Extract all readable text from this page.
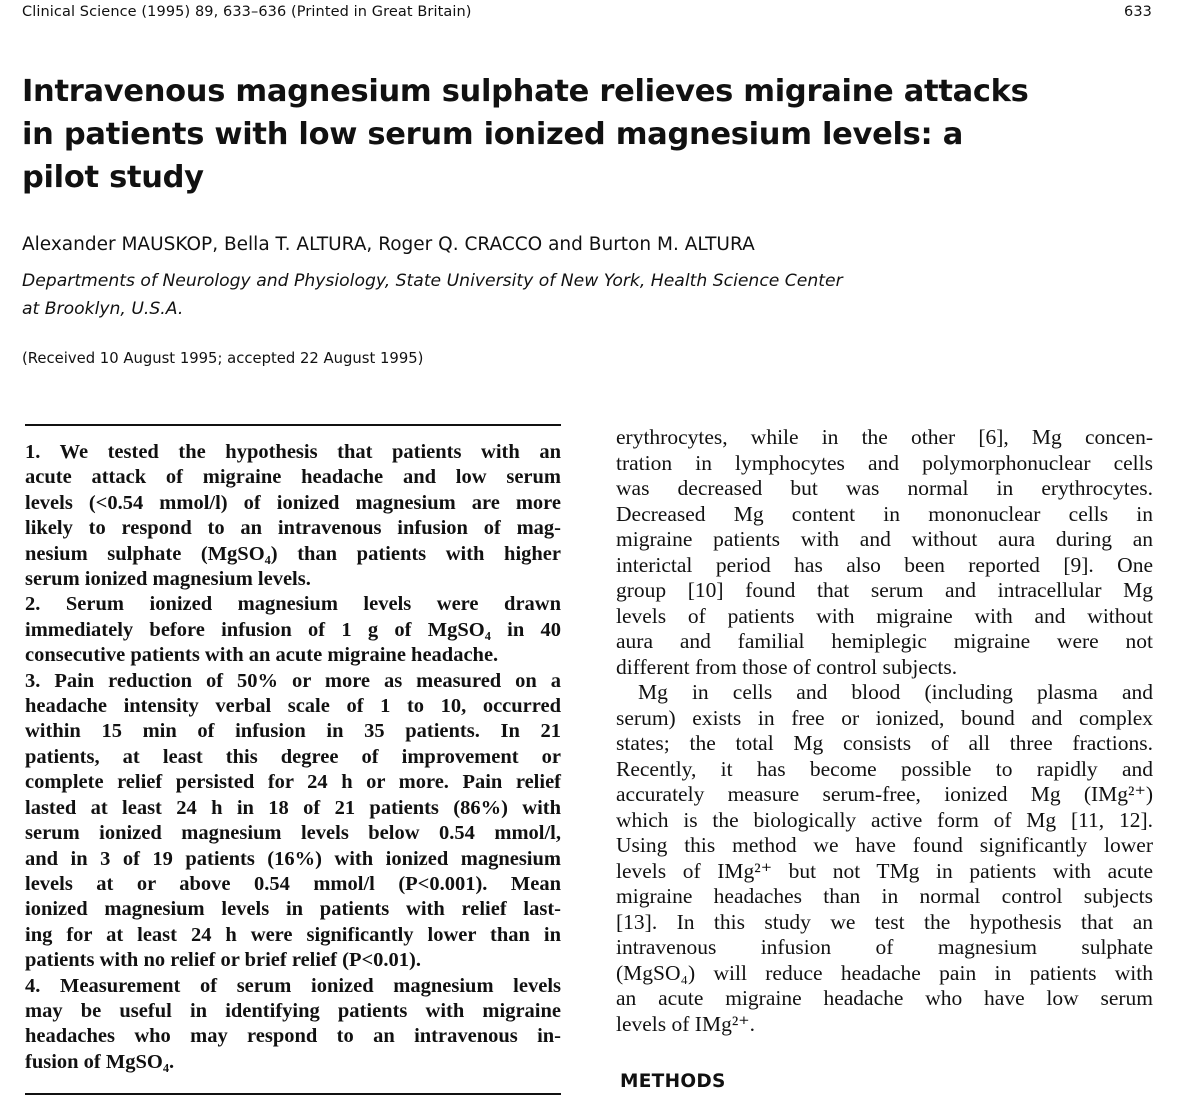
Clinical Science (1995) 89, 633–636 (Printed in Great Britain)	633
Intravenous magnesium sulphate relieves migraine attacks
in patients with low serum ionized magnesium levels: a
pilot study
Alexander MAUSKOP, Bella T. ALTURA, Roger Q. CRACCO and Burton M. ALTURA
Departments of Neurology and Physiology, State University of New York, Health Science Center
at Brooklyn, U.S.A.
(Received 10 August 1995; accepted 22 August 1995)
1. We tested the hypothesis that patients with an
acute attack of migraine headache and low serum
levels (<0.54 mmol/l) of ionized magnesium are more
likely to respond to an intravenous infusion of mag-
nesium sulphate (MgSO₄) than patients with higher
serum ionized magnesium levels.
2. Serum ionized magnesium levels were drawn
immediately before infusion of 1 g of MgSO₄ in 40
consecutive patients with an acute migraine headache.
3. Pain reduction of 50% or more as measured on a
headache intensity verbal scale of 1 to 10, occurred
within 15 min of infusion in 35 patients. In 21
patients, at least this degree of improvement or
complete relief persisted for 24 h or more. Pain relief
lasted at least 24 h in 18 of 21 patients (86%) with
serum ionized magnesium levels below 0.54 mmol/l,
and in 3 of 19 patients (16%) with ionized magnesium
levels at or above 0.54 mmol/l (P<0.001). Mean
ionized magnesium levels in patients with relief last-
ing for at least 24 h were significantly lower than in
patients with no relief or brief relief (P<0.01).
4. Measurement of serum ionized magnesium levels
may be useful in identifying patients with migraine
headaches who may respond to an intravenous in-
fusion of MgSO₄.
erythrocytes, while in the other [6], Mg concen-
tration in lymphocytes and polymorphonuclear cells
was decreased but was normal in erythrocytes.
Decreased Mg content in mononuclear cells in
migraine patients with and without aura during an
interictal period has also been reported [9]. One
group [10] found that serum and intracellular Mg
levels of patients with migraine with and without
aura and familial hemiplegic migraine were not
different from those of control subjects.
Mg in cells and blood (including plasma and
serum) exists in free or ionized, bound and complex
states; the total Mg consists of all three fractions.
Recently, it has become possible to rapidly and
accurately measure serum-free, ionized Mg (IMg²⁺)
which is the biologically active form of Mg [11, 12].
Using this method we have found significantly lower
levels of IMg²⁺ but not TMg in patients with acute
migraine headaches than in normal control subjects
[13]. In this study we test the hypothesis that an
intravenous infusion of magnesium sulphate
(MgSO₄) will reduce headache pain in patients with
an acute migraine headache who have low serum
levels of IMg²⁺.
METHODS
